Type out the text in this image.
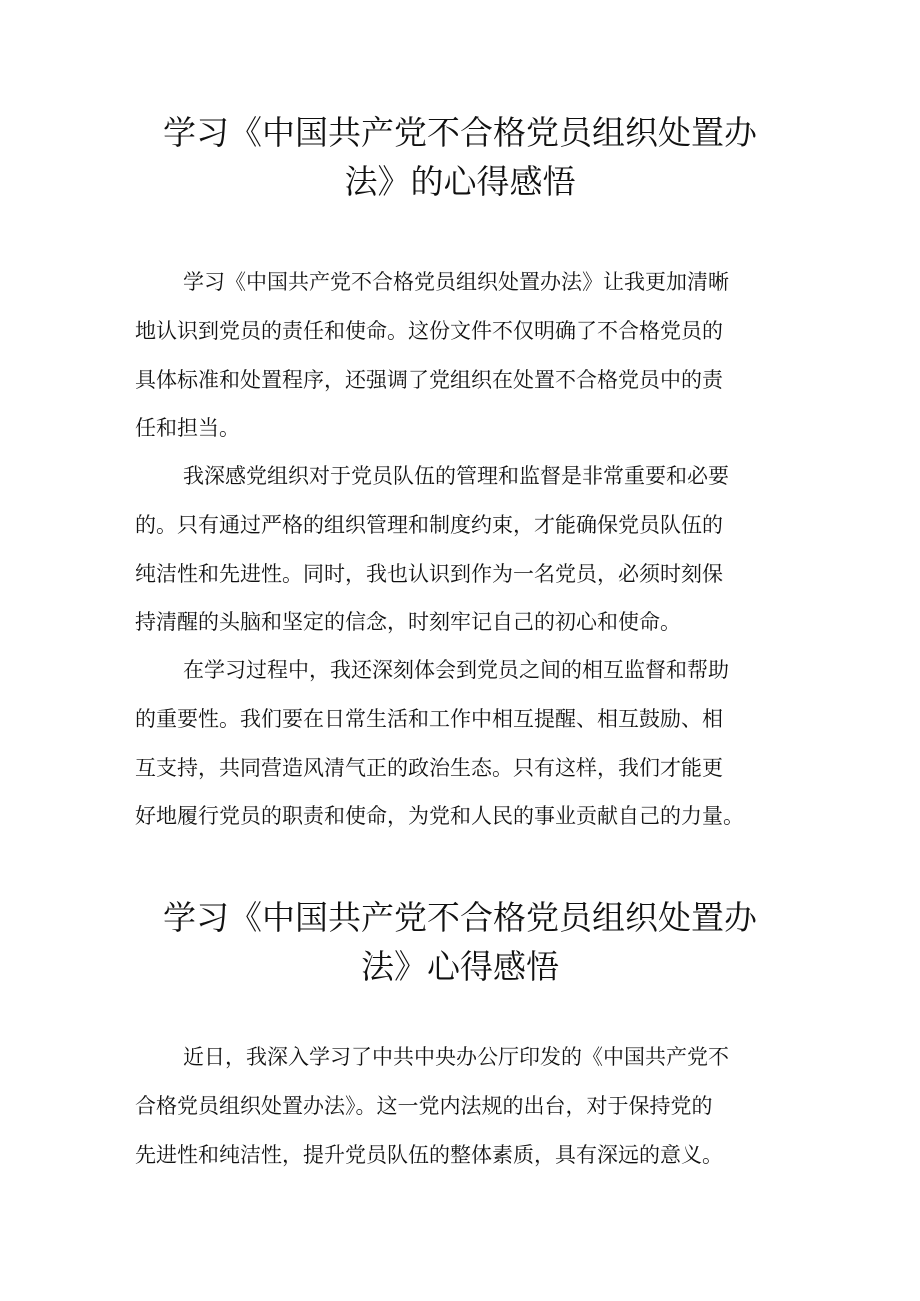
学习《中国共产党不合格党员组织处置办
法》的心得感悟

学习《中国共产党不合格党员组织处置办法》让我更加清晰
地认识到党员的责任和使命。这份文件不仅明确了不合格党员的
具体标准和处置程序，还强调了党组织在处置不合格党员中的责
任和担当。

我深感党组织对于党员队伍的管理和监督是非常重要和必要
的。只有通过严格的组织管理和制度约束，才能确保党员队伍的
纯洁性和先进性。同时，我也认识到作为一名党员，必须时刻保
持清醒的头脑和坚定的信念，时刻牢记自己的初心和使命。

在学习过程中，我还深刻体会到党员之间的相互监督和帮助
的重要性。我们要在日常生活和工作中相互提醒、相互鼓励、相
互支持，共同营造风清气正的政治生态。只有这样，我们才能更
好地履行党员的职责和使命，为党和人民的事业贡献自己的力量。

学习《中国共产党不合格党员组织处置办
法》心得感悟

近日，我深入学习了中共中央办公厅印发的《中国共产党不
合格党员组织处置办法》。这一党内法规的出台，对于保持党的
先进性和纯洁性，提升党员队伍的整体素质，具有深远的意义。
